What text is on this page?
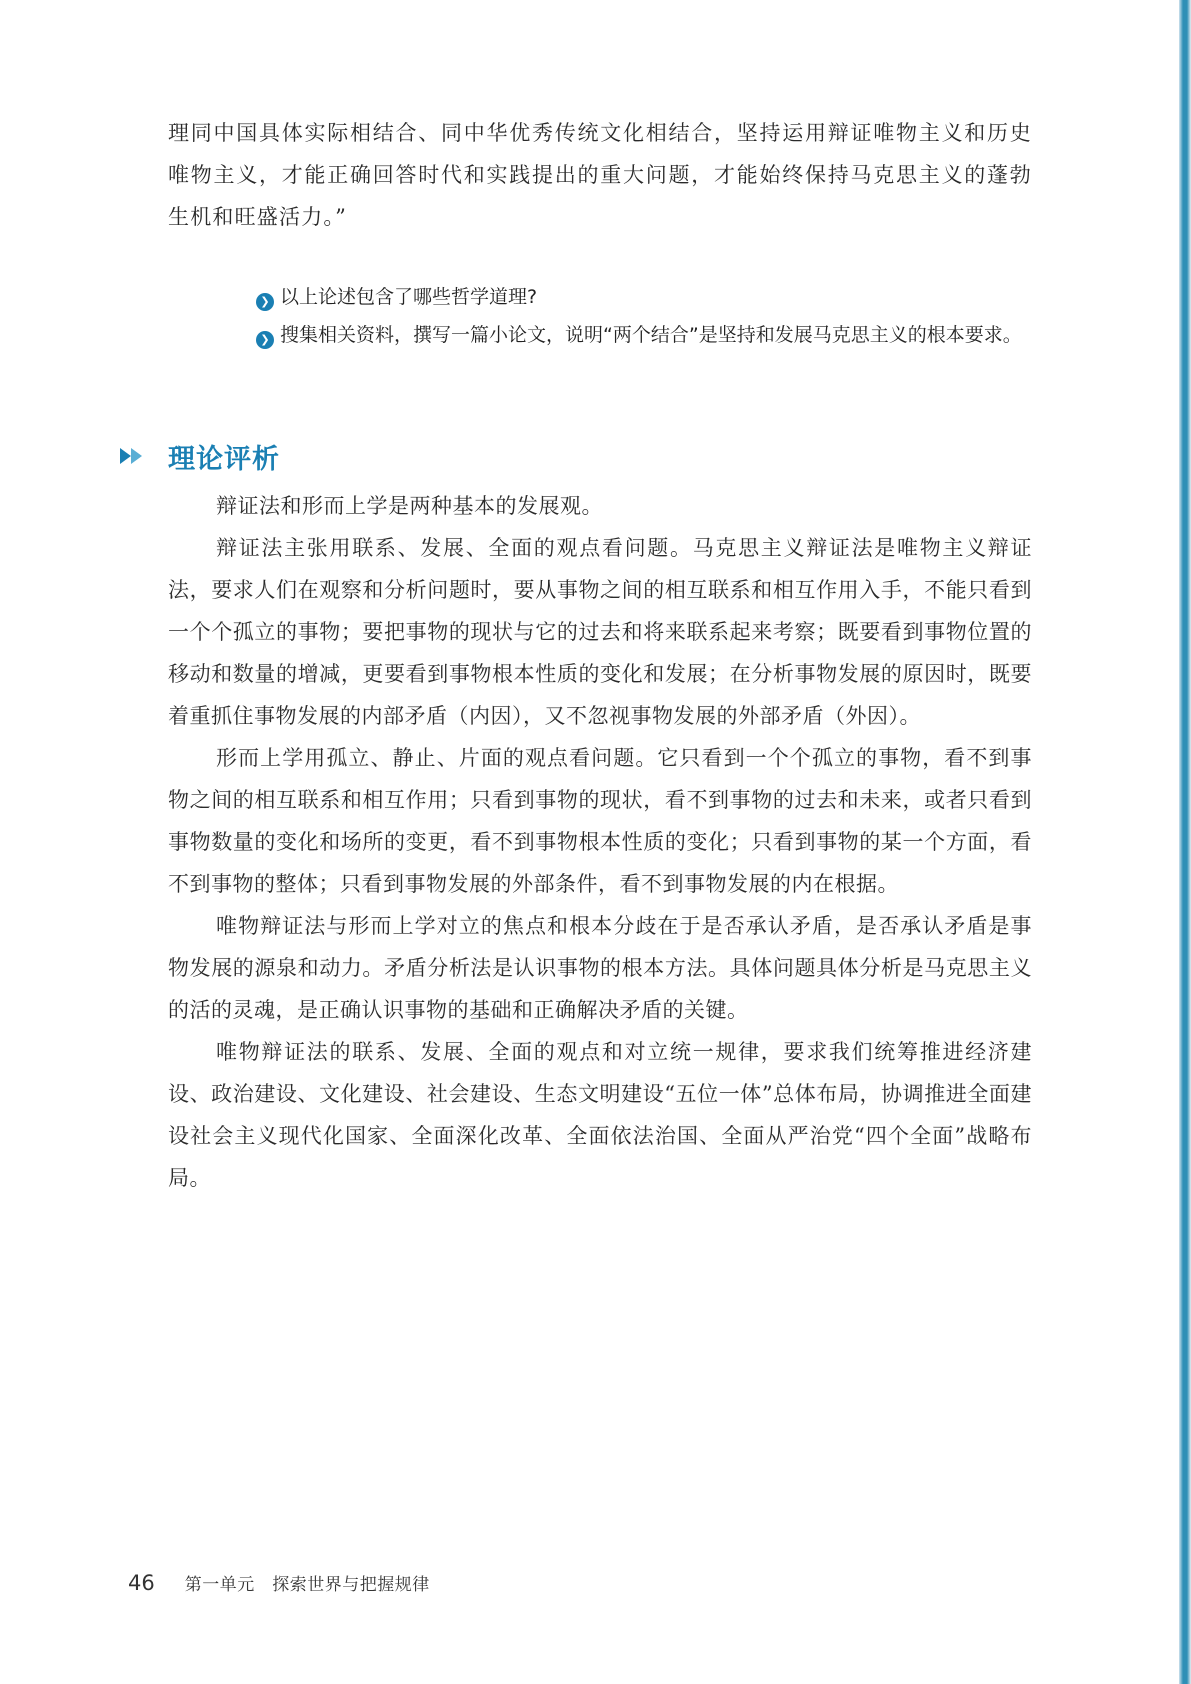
理同中国具体实际相结合、同中华优秀传统文化相结合，坚持运用辩证唯物主义和历史唯物主义，才能正确回答时代和实践提出的重大问题，才能始终保持马克思主义的蓬勃生机和旺盛活力。”

❯ 以上论述包含了哪些哲学道理?

❯ 搜集相关资料，撰写一篇小论文，说明“两个结合”是坚持和发展马克思主义的根本要求。

理论评析

辩证法和形而上学是两种基本的发展观。

辩证法主张用联系、发展、全面的观点看问题。马克思主义辩证法是唯物主义辩证法，要求人们在观察和分析问题时，要从事物之间的相互联系和相互作用入手，不能只看到一个个孤立的事物；要把事物的现状与它的过去和将来联系起来考察；既要看到事物位置的移动和数量的增减，更要看到事物根本性质的变化和发展；在分析事物发展的原因时，既要着重抓住事物发展的内部矛盾（内因），又不忽视事物发展的外部矛盾（外因）。

形而上学用孤立、静止、片面的观点看问题。它只看到一个个孤立的事物，看不到事物之间的相互联系和相互作用；只看到事物的现状，看不到事物的过去和未来，或者只看到事物数量的变化和场所的变更，看不到事物根本性质的变化；只看到事物的某一个方面，看不到事物的整体；只看到事物发展的外部条件，看不到事物发展的内在根据。

唯物辩证法与形而上学对立的焦点和根本分歧在于是否承认矛盾，是否承认矛盾是事物发展的源泉和动力。矛盾分析法是认识事物的根本方法。具体问题具体分析是马克思主义的活的灵魂，是正确认识事物的基础和正确解决矛盾的关键。

唯物辩证法的联系、发展、全面的观点和对立统一规律，要求我们统筹推进经济建设、政治建设、文化建设、社会建设、生态文明建设“五位一体”总体布局，协调推进全面建设社会主义现代化国家、全面深化改革、全面依法治国、全面从严治党“四个全面”战略布局。

46 第一单元　探索世界与把握规律
